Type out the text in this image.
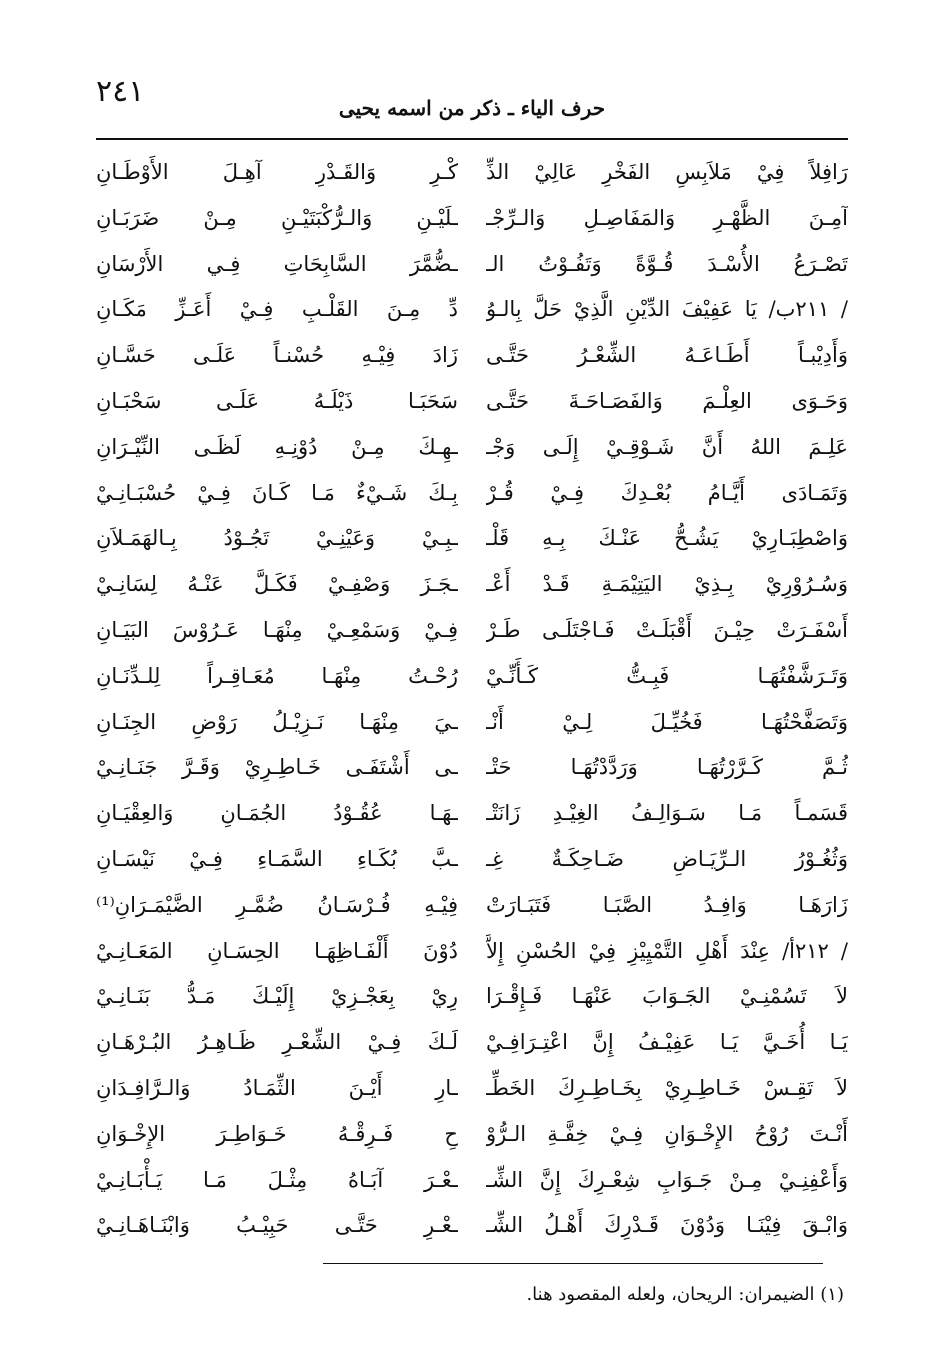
٢٤١	حرف الياء ـ ذكر من اسمه يحيى
رَافِلاً فِيْ مَلاَبِسِ الفَخْرِ عَالِيْ الذِّ
كْـرِ وَالقَـدْرِ آهِـلَ الأَوْطَـانِ
آمِـنَ الظَّهْـرِ وَالمَفَاصِـلِ وَالـرِّجْـ
ـلَيْـنِ وَالـرُّكْبَتَيْـنِ مِـنْ ضَرَبَـانِ
تَصْـرَعُ الأُسْـدَ قُـوَّةً وَتَفُـوْتُ الـ
ـضُّمَّرَ السَّابِحَاتِ فِـي الأَرْسَانِ
/ ٢١١ب/ يَا عَفِيْفَ الدِّيْنِ الَّذِيْ حَلَّ بِالـوُ
دِّ مِـنَ القَلْـبِ فِـيْ أَعَـزِّ مَكَـانِ
وَأَدِيْبـاً أَطَـاعَـهُ الشِّعْـرُ حَتَّـى
زَادَ فِيْـهِ حُسْنـاً عَلَـى حَسَّـانِ
وَحَـوَى العِلْـمَ وَالفَصَـاحَـةَ حَتَّـى
سَحَبَـا ذَيْلَـهُ عَلَـى سَحْبَـانِ
عَلِـمَ اللهُ أَنَّ شَـوْقِـيْ إِلَـى وَجْـ
ـهِـكَ مِـنْ دُوْنِـهِ لَظَـى النِّيْـرَانِ
وَتَمَـادَى أَيَّـامُ بُعْـدِكَ فِـيْ قُـرْ
بِـكَ شَـيْءٌ مَـا كَـانَ فِـيْ حُسْبَـانِـيْ
وَاصْطِبَـارِيْ يَشُـحُّ عَنْـكَ بِـهِ قَلْـ
ـبِـيْ وَعَيْنِـيْ تَجُـوْدُ بِـالهَمَـلاَنِ
وَسُـرُوْرِيْ بِـذِيْ اليَتِيْمَـةِ قَـدْ أَعْـ
ـجَـزَ وَصْفِـيْ فَكَـلَّ عَنْـهُ لِسَانِـيْ
أَسْفَـرَتْ حِيْـنَ أَقْبَلَـتْ فَـاجْتَلَـى طَـرْ
فِـيْ وَسَمْعِـيْ مِنْهَـا عَـرُوْسَ البَيَـانِ
وَتَـرَشَّفْتُهَـا فَبِـتُّ كَـأَنِّـيْ
رُحْـتُ مِنْهَـا مُعَـاقِـراً لِلـدِّنَـانِ
وَتَصَفَّحْتُهَـا فَخُيِّـلَ لِـيْ أَنْـ
ـيَ مِنْهَـا نَـزِيْـلُ رَوْضِ الجِنَـانِ
ثُـمَّ كَـرَّرْتُهَـا وَرَدَّدْتُهَـا حَتْـ
ـى أَشْتَفَـى خَـاطِـرِيْ وَقَـرَّ جَنَـانِـيْ
قَسَمـاً مَـا سَـوَالِـفُ الغِيْـدِ زَانَتْـ
ـهَـا عُقُـوْدُ الجُمَـانِ وَالعِقْيَـانِ
وَثُغُـوْرُ الـرِّيَـاضِ ضَـاحِكَـةٌ غِـ
ـبَّ بُكَـاءِ السَّمَـاءِ فِـيْ نَيْسَـانِ
زَارَهَـا وَافِـدُ الصَّبَـا فَتَبَـارَتْ
فِيْـهِ فُـرْسَـانُ ضُمَّـرِ الضَّيْمَـرَانِ⁽¹⁾
/ ٢١٢أ/ عِنْدَ أَهْلِ التَّمْيِيْزِ فِيْ الحُسْنِ إِلاَّ
دُوْنَ أَلْفَـاظِهَـا الحِسَـانِ المَعَـانِـيْ
لاَ تَسُمْنِـيْ الجَـوَابَ عَنْهَـا فَـإِقْـرَا
رِيْ بِعَجْـزِيْ إِلَيْـكَ مَـدُّ بَنَـانِـيْ
يَـا أُخَـيَّ يَـا عَفِيْـفُ إِنَّ اعْتِـرَافِـيْ
لَـكَ فِـيْ الشِّعْـرِ ظَـاهِـرُ البُـرْهَـانِ
لاَ تَقِـسْ خَـاطِـرِيْ بِخَـاطِـرِكَ الخَطِّـ
ـارِ أَيْـنَ الثِّمَـادُ وَالـرَّافِـدَانِ
أَنْـتَ رُوْحُ الإِخْـوَانِ فِـيْ خِفَّـةِ الـرُّوْ
حِ فَـرِقْـهُ خَـوَاطِـرَ الإِخْـوَانِ
وَأَعْفِنِـيْ مِـنْ جَـوَابِ شِعْـرِكَ إِنَّ الشِّـ
ـعْـرَ آبَـاهُ مِثْـلَ مَـا يَـأْبَـانِـيْ
وَابْـقَ فِيْنَـا وَدُوْنَ قَـدْرِكَ أَهْـلُ الشِّـ
ـعْـرِ حَتَّـى حَبِيْـبُ وَابْنَـاهَـانِـيْ
(١) الضيمران: الريحان، ولعله المقصود هنا.
